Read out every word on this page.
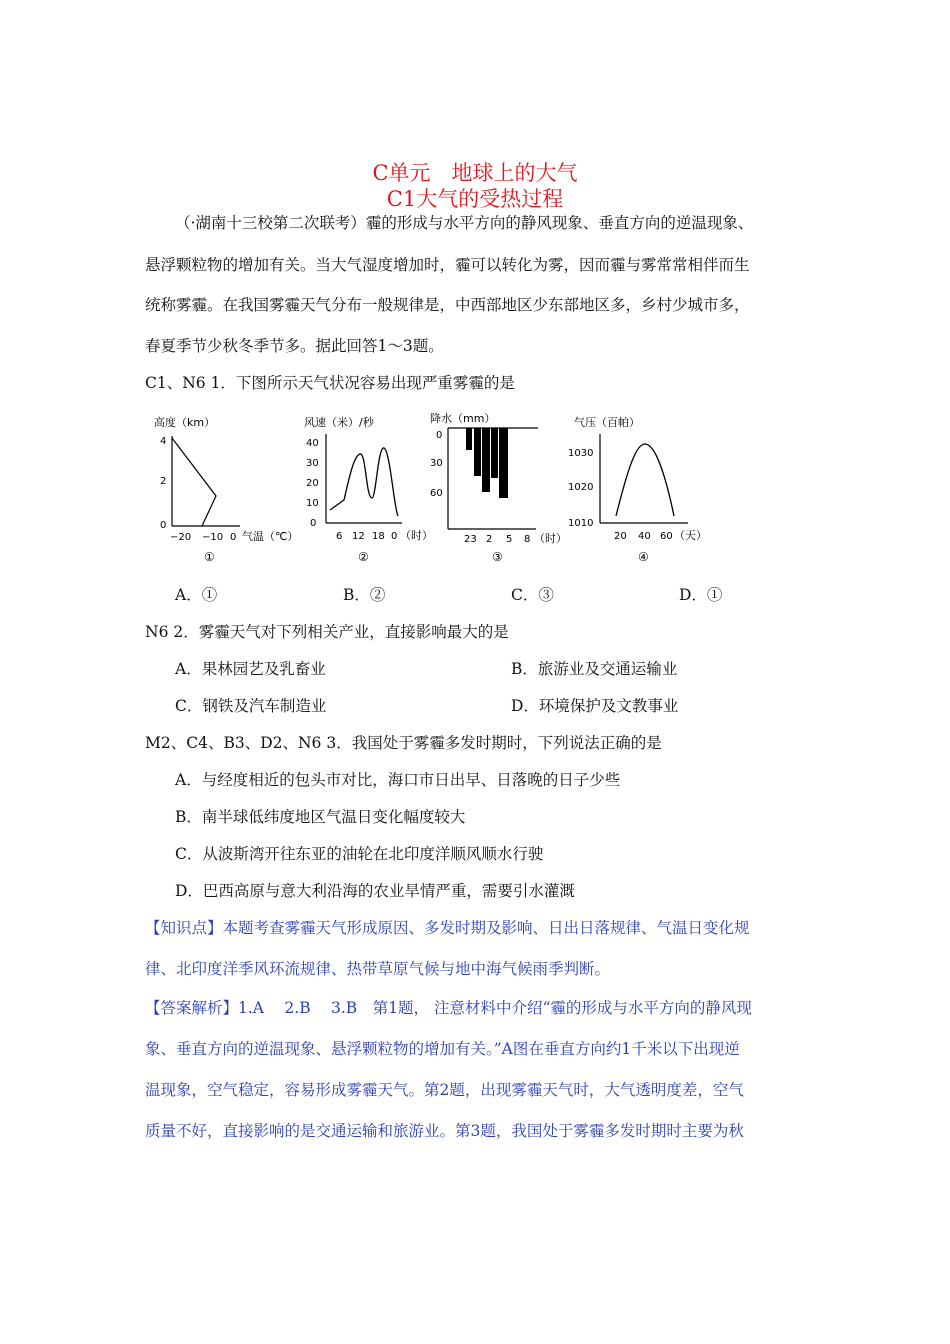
C单元　地球上的大气
C1大气的受热过程
（·湖南十三校第二次联考）霾的形成与水平方向的静风现象、垂直方向的逆温现象、
悬浮颗粒物的增加有关。当大气湿度增加时，霾可以转化为雾，因而霾与雾常常相伴而生
统称雾霾。在我国雾霾天气分布一般规律是，中西部地区少东部地区多，乡村少城市多，
春夏季节少秋冬季节多。据此回答1～3题。
C1、N6 1．下图所示天气状况容易出现严重雾霾的是
高度（km）
4
2
0
−20 −10 0 气温（℃）
①
风速（米）/秒
40
30
20
10
0
6 12 18 0 （时）
②
降水（mm）
0
30
60
23 2 5 8 （时）
③
气压（百帕）
1030
1020
1010
20 40 60 （天）
④
A．①	B．②	C．③	D．①
N6 2．雾霾天气对下列相关产业，直接影响最大的是
A．果林园艺及乳畜业	B．旅游业及交通运输业
C．钢铁及汽车制造业	D．环境保护及文教事业
M2、C4、B3、D2、N6 3．我国处于雾霾多发时期时，下列说法正确的是
A．与经度相近的包头市对比，海口市日出早、日落晚的日子少些
B．南半球低纬度地区气温日变化幅度较大
C．从波斯湾开往东亚的油轮在北印度洋顺风顺水行驶
D．巴西高原与意大利沿海的农业旱情严重，需要引水灌溉
【知识点】本题考查雾霾天气形成原因、多发时期及影响、日出日落规律、气温日变化规
律、北印度洋季风环流规律、热带草原气候与地中海气候雨季判断。
【答案解析】1.A　 2.B　 3.B　第1题， 注意材料中介绍“霾的形成与水平方向的静风现
象、垂直方向的逆温现象、悬浮颗粒物的增加有关。”A图在垂直方向约1千米以下出现逆
温现象，空气稳定，容易形成雾霾天气。第2题，出现雾霾天气时，大气透明度差，空气
质量不好，直接影响的是交通运输和旅游业。第3题，我国处于雾霾多发时期时主要为秋
